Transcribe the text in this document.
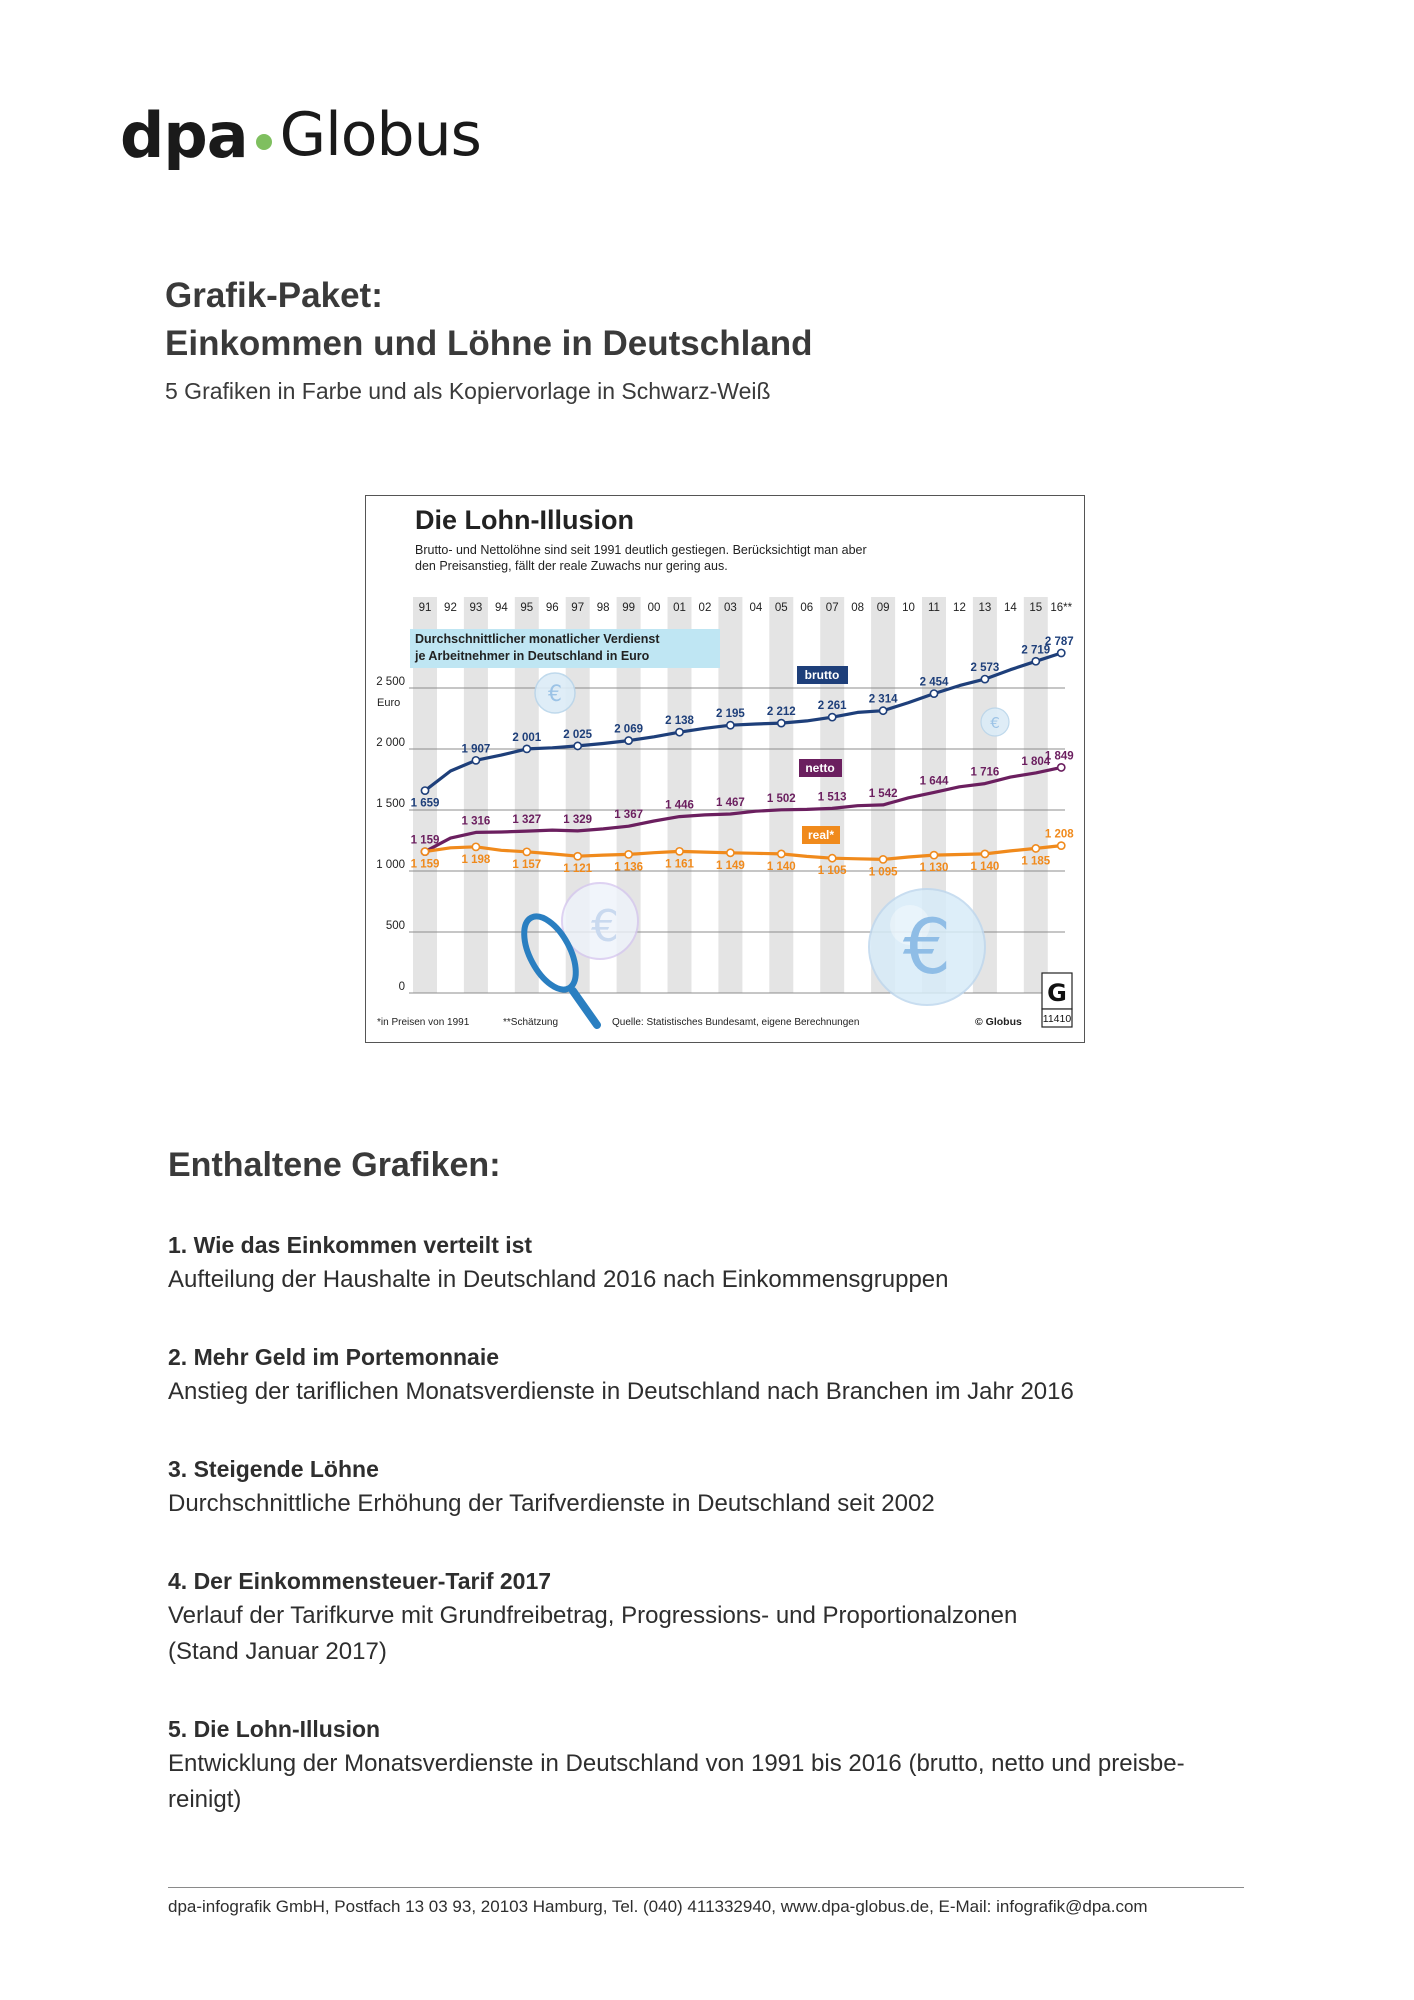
dpa Globus
Grafik-Paket:
Einkommen und Löhne in Deutschland
5 Grafiken in Farbe und als Kopiervorlage in Schwarz-Weiß
Die Lohn-Illusion
Brutto- und Nettolöhne sind seit 1991 deutlich gestiegen. Berücksichtigt man aber
den Preisanstieg, fällt der reale Zuwachs nur gering aus.
0
500
1 000
1 500
2 000
2 500
91 92 93 94 95 96 97 98 99 00 01 02 03 04 05 06 07 08 09 10 11 12 13 14 15 16**
Durchschnittlicher monatlicher Verdienst
je Arbeitnehmer in Deutschland in Euro
Euro	€
€
€
€
1 659
1 907
2 001 2 025 2 069
2 138
2 195 2 212 2 261
2 314
2 454
2 573
2 719
2 787
1 159
1 316 1 327 1 329 1 367
1 446 1 467 1 502 1 513 1 542
1 644
1 716
1 804
1 849
1 159 1 198 1 157 1 121 1 136 1 161 1 149 1 140 1 105 1 095 1 130 1 140 1 185
1 208
brutto
netto
real*
G
11410
*in Preisen von 1991	**Schätzung	Quelle: Statistisches Bundesamt, eigene Berechnungen	© Globus
Enthaltene Grafiken:
1. Wie das Einkommen verteilt ist
Aufteilung der Haushalte in Deutschland 2016 nach Einkommensgruppen
2. Mehr Geld im Portemonnaie
Anstieg der tariflichen Monatsverdienste in Deutschland nach Branchen im Jahr 2016
3. Steigende Löhne
Durchschnittliche Erhöhung der Tarifverdienste in Deutschland seit 2002
4. Der Einkommensteuer-Tarif 2017
Verlauf der Tarifkurve mit Grundfreibetrag, Progressions- und Proportionalzonen
(Stand Januar 2017)
5. Die Lohn-Illusion
Entwicklung der Monatsverdienste in Deutschland von 1991 bis 2016 (brutto, netto und preisbe-
reinigt)
dpa-infografik GmbH, Postfach 13 03 93, 20103 Hamburg, Tel. (040) 411332940, www.dpa-globus.de, E-Mail: infografik@dpa.com
